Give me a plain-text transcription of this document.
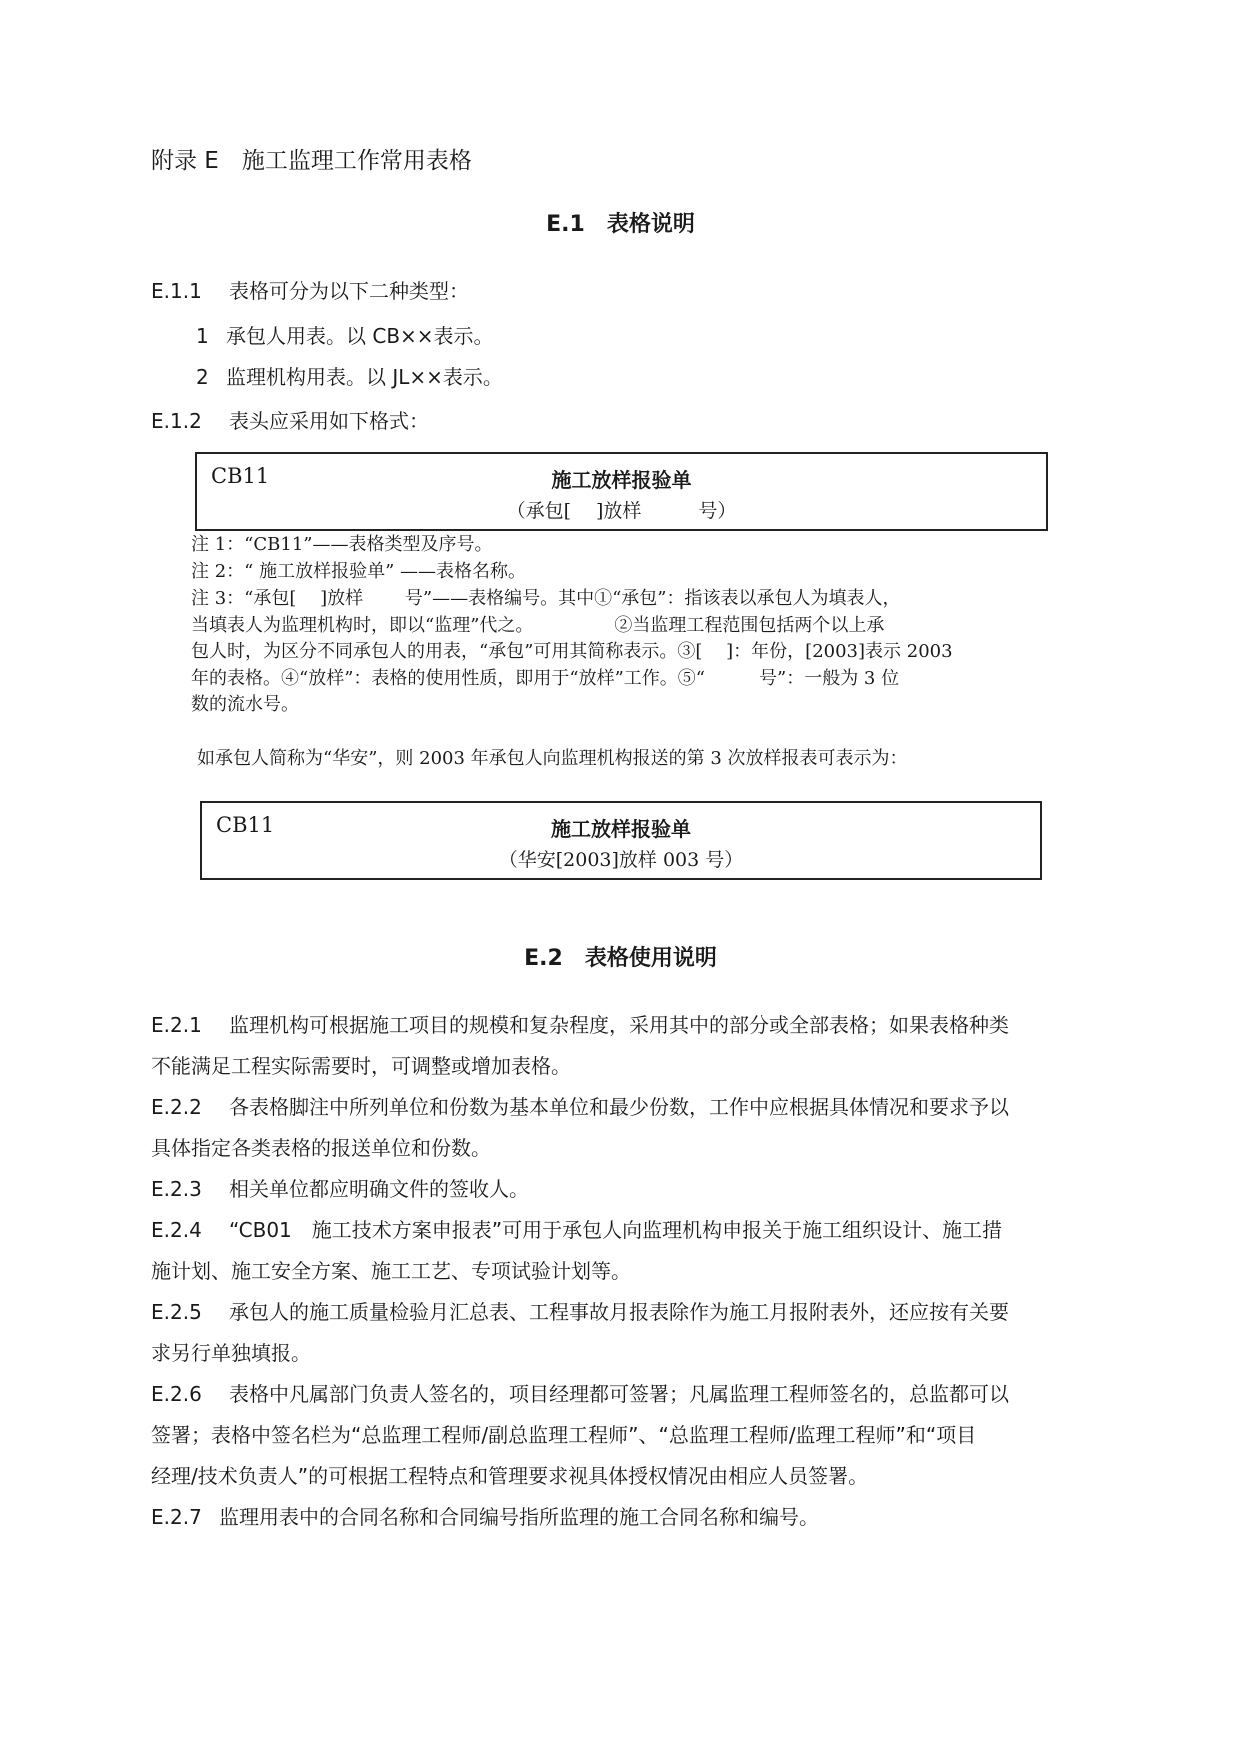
附录 E　施工监理工作常用表格
E.1　表格说明
E.1.1 表格可分为以下二种类型：
1 承包人用表。以 CB××表示。
2 监理机构用表。以 JL××表示。
E.1.2 表头应采用如下格式：
CB11	施工放样报验单
（承包[　 ]放样　　　号）
注 1：“CB11”——表格类型及序号。
注 2：“ 施工放样报验单” ——表格名称。
注 3：“承包[　 ]放样　　 号”——表格编号。其中①“承包”：指该表以承包人为填表人，
当填表人为监理机构时，即以“监理”代之。　　　　　②当监理工程范围包括两个以上承
包人时，为区分不同承包人的用表，“承包”可用其简称表示。③[　 ]：年份，[2003]表示 2003
年的表格。④“放样”：表格的使用性质，即用于“放样”工作。⑤“　　　号”：一般为 3 位
数的流水号。
如承包人简称为“华安”，则 2003 年承包人向监理机构报送的第 3 次放样报表可表示为：
CB11	施工放样报验单
（华安[2003]放样 003 号）
E.2　表格使用说明
E.2.1 监理机构可根据施工项目的规模和复杂程度，采用其中的部分或全部表格；如果表格种类
不能满足工程实际需要时，可调整或增加表格。
E.2.2 各表格脚注中所列单位和份数为基本单位和最少份数，工作中应根据具体情况和要求予以
具体指定各类表格的报送单位和份数。
E.2.3 相关单位都应明确文件的签收人。
E.2.4 “CB01　施工技术方案申报表”可用于承包人向监理机构申报关于施工组织设计、施工措
施计划、施工安全方案、施工工艺、专项试验计划等。
E.2.5 承包人的施工质量检验月汇总表、工程事故月报表除作为施工月报附表外，还应按有关要
求另行单独填报。
E.2.6 表格中凡属部门负责人签名的，项目经理都可签署；凡属监理工程师签名的，总监都可以
签署；表格中签名栏为“总监理工程师/副总监理工程师”、“总监理工程师/监理工程师”和“项目
经理/技术负责人”的可根据工程特点和管理要求视具体授权情况由相应人员签署。
E.2.7 监理用表中的合同名称和合同编号指所监理的施工合同名称和编号。
